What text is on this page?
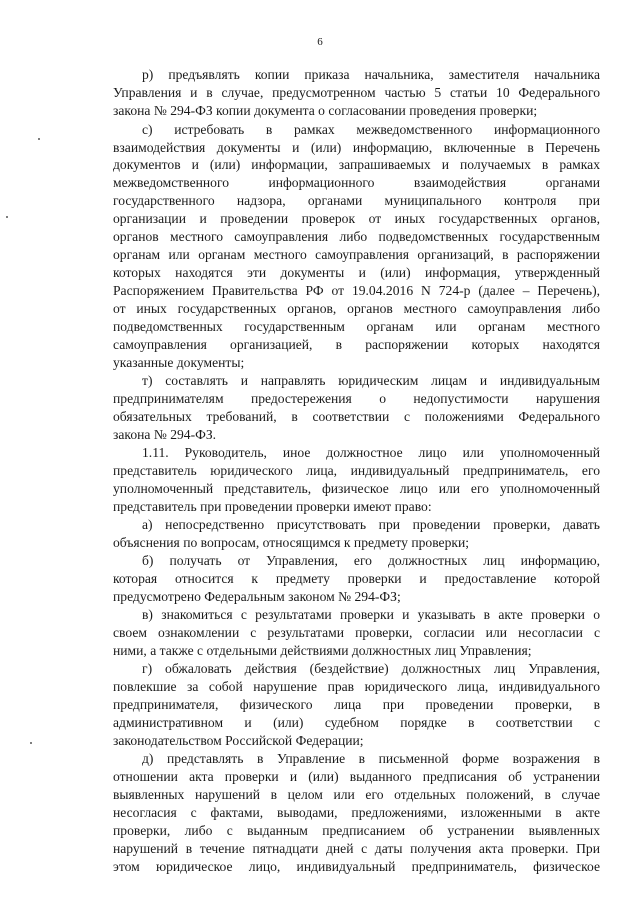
6
р) предъявлять копии приказа начальника, заместителя начальника
Управления и в случае, предусмотренном частью 5 статьи 10 Федерального
закона № 294-ФЗ копии документа о согласовании проведения проверки;
с) истребовать в рамках межведомственного информационного
взаимодействия документы и (или) информацию, включенные в Перечень
документов и (или) информации, запрашиваемых и получаемых в рамках
межведомственного информационного взаимодействия органами
государственного надзора, органами муниципального контроля при
организации и проведении проверок от иных государственных органов,
органов местного самоуправления либо подведомственных государственным
органам или органам местного самоуправления организаций, в распоряжении
которых находятся эти документы и (или) информация, утвержденный
Распоряжением Правительства РФ от 19.04.2016 N 724-р (далее – Перечень),
от иных государственных органов, органов местного самоуправления либо
подведомственных государственным органам или органам местного
самоуправления организацией, в распоряжении которых находятся
указанные документы;
т) составлять и направлять юридическим лицам и индивидуальным
предпринимателям предостережения о недопустимости нарушения
обязательных требований, в соответствии с положениями Федерального
закона № 294-ФЗ.
1.11. Руководитель, иное должностное лицо или уполномоченный
представитель юридического лица, индивидуальный предприниматель, его
уполномоченный представитель, физическое лицо или его уполномоченный
представитель при проведении проверки имеют право:
а) непосредственно присутствовать при проведении проверки, давать
объяснения по вопросам, относящимся к предмету проверки;
б) получать от Управления, его должностных лиц информацию,
которая относится к предмету проверки и предоставление которой
предусмотрено Федеральным законом № 294-ФЗ;
в) знакомиться с результатами проверки и указывать в акте проверки о
своем ознакомлении с результатами проверки, согласии или несогласии с
ними, а также с отдельными действиями должностных лиц Управления;
г) обжаловать действия (бездействие) должностных лиц Управления,
повлекшие за собой нарушение прав юридического лица, индивидуального
предпринимателя, физического лица при проведении проверки, в
административном и (или) судебном порядке в соответствии с
законодательством Российской Федерации;
д) представлять в Управление в письменной форме возражения в
отношении акта проверки и (или) выданного предписания об устранении
выявленных нарушений в целом или его отдельных положений, в случае
несогласия с фактами, выводами, предложениями, изложенными в акте
проверки, либо с выданным предписанием об устранении выявленных
нарушений в течение пятнадцати дней с даты получения акта проверки. При
этом юридическое лицо, индивидуальный предприниматель, физическое
